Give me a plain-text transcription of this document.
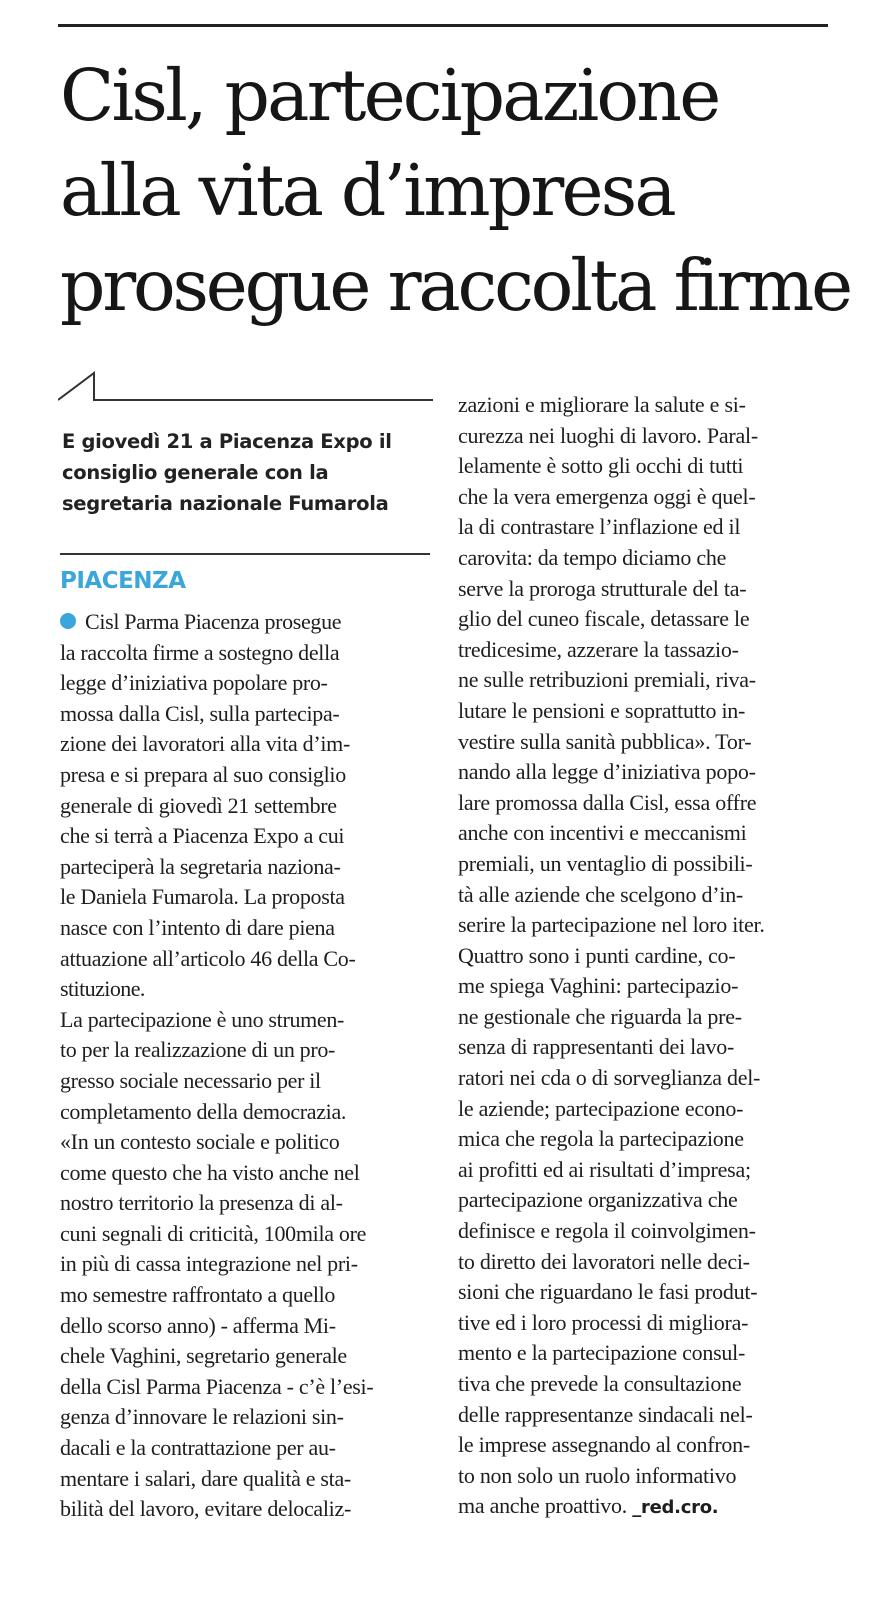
Cisl, partecipazione
alla vita d’impresa
prosegue raccolta firme
E giovedì 21 a Piacenza Expo il
consiglio generale con la
segretaria nazionale Fumarola
PIACENZA
Cisl Parma Piacenza prosegue
la raccolta firme a sostegno della
legge d’iniziativa popolare pro-
mossa dalla Cisl, sulla partecipa-
zione dei lavoratori alla vita d’im-
presa e si prepara al suo consiglio
generale di giovedì 21 settembre
che si terrà a Piacenza Expo a cui
parteciperà la segretaria naziona-
le Daniela Fumarola. La proposta
nasce con l’intento di dare piena
attuazione all’articolo 46 della Co-
stituzione.
La partecipazione è uno strumen-
to per la realizzazione di un pro-
gresso sociale necessario per il
completamento della democrazia.
«In un contesto sociale e politico
come questo che ha visto anche nel
nostro territorio la presenza di al-
cuni segnali di criticità, 100mila ore
in più di cassa integrazione nel pri-
mo semestre raffrontato a quello
dello scorso anno) - afferma Mi-
chele Vaghini, segretario generale
della Cisl Parma Piacenza - c’è l’esi-
genza d’innovare le relazioni sin-
dacali e la contrattazione per au-
mentare i salari, dare qualità e sta-
bilità del lavoro, evitare delocaliz-
zazioni e migliorare la salute e si-
curezza nei luoghi di lavoro. Paral-
lelamente è sotto gli occhi di tutti
che la vera emergenza oggi è quel-
la di contrastare l’inflazione ed il
carovita: da tempo diciamo che
serve la proroga strutturale del ta-
glio del cuneo fiscale, detassare le
tredicesime, azzerare la tassazio-
ne sulle retribuzioni premiali, riva-
lutare le pensioni e soprattutto in-
vestire sulla sanità pubblica». Tor-
nando alla legge d’iniziativa popo-
lare promossa dalla Cisl, essa offre
anche con incentivi e meccanismi
premiali, un ventaglio di possibili-
tà alle aziende che scelgono d’in-
serire la partecipazione nel loro iter.
Quattro sono i punti cardine, co-
me spiega Vaghini: partecipazio-
ne gestionale che riguarda la pre-
senza di rappresentanti dei lavo-
ratori nei cda o di sorveglianza del-
le aziende; partecipazione econo-
mica che regola la partecipazione
ai profitti ed ai risultati d’impresa;
partecipazione organizzativa che
definisce e regola il coinvolgimen-
to diretto dei lavoratori nelle deci-
sioni che riguardano le fasi produt-
tive ed i loro processi di migliora-
mento e la partecipazione consul-
tiva che prevede la consultazione
delle rappresentanze sindacali nel-
le imprese assegnando al confron-
to non solo un ruolo informativo
ma anche proattivo. _red.cro.
